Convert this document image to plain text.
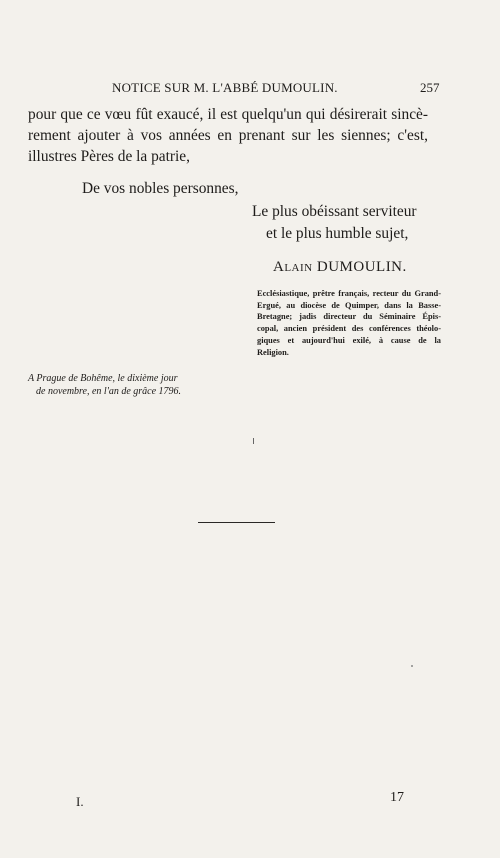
NOTICE SUR M. L'ABBÉ DUMOULIN.	257
pour que ce vœu fût exaucé, il est quelqu'un qui désirerait sincè-
rement ajouter à vos années en prenant sur les siennes; c'est,
illustres Pères de la patrie,
De vos nobles personnes,
Le plus obéissant serviteur
et le plus humble sujet,
Alain DUMOULIN.
Ecclésiastique, prêtre français, recteur du Grand-
Ergué, au diocèse de Quimper, dans la Basse-
Bretagne; jadis directeur du Séminaire Épis-
copal, ancien président des conférences théolo-
giques et aujourd'hui exilé, à cause de la
Religion.
A Prague de Bohême, le dixième jour
de novembre, en l'an de grâce 1796.
I.	17
